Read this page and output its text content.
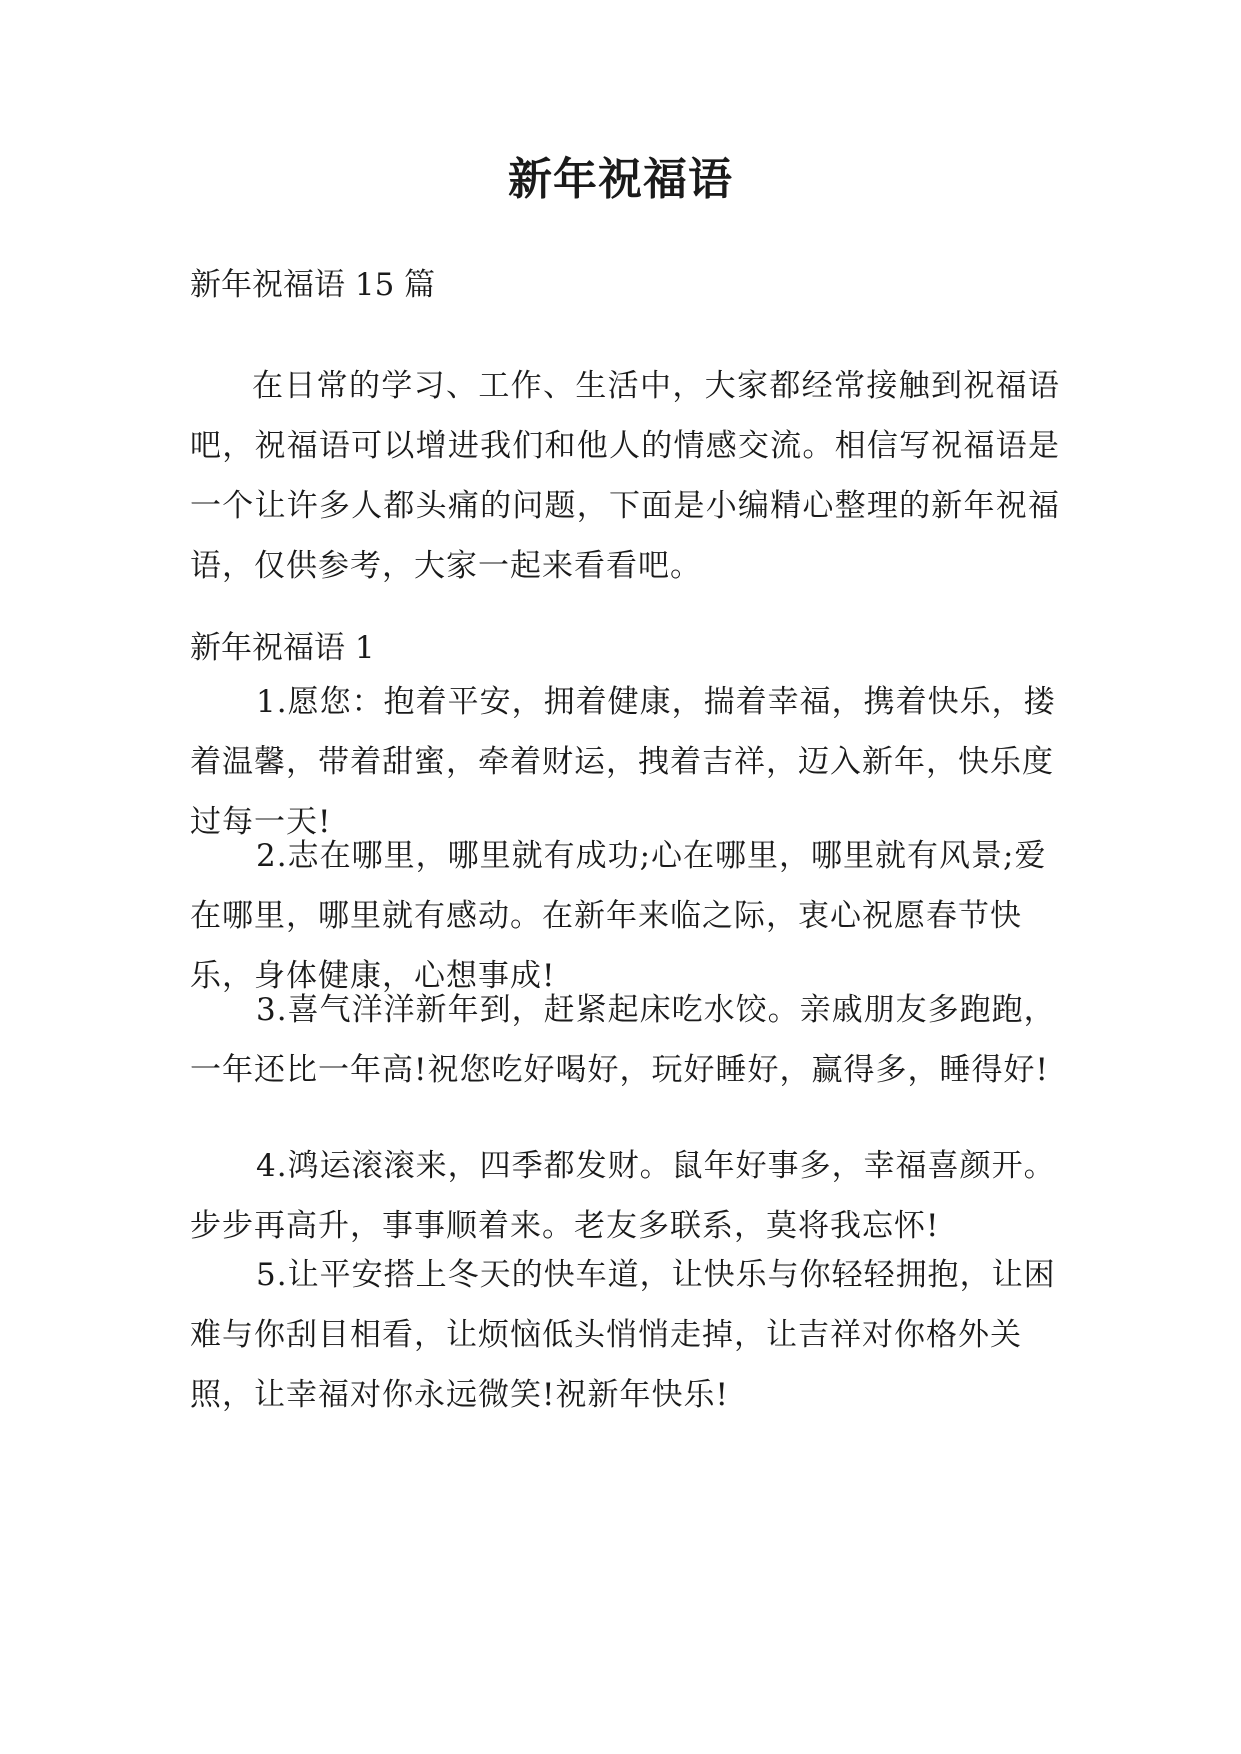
新年祝福语
新年祝福语 15 篇
在日常的学习、工作、生活中，大家都经常接触到祝福语吧，祝福语可以增进我们和他人的情感交流。相信写祝福语是一个让许多人都头痛的问题，下面是小编精心整理的新年祝福语，仅供参考，大家一起来看看吧。
新年祝福语 1
1.愿您：抱着平安，拥着健康，揣着幸福，携着快乐，搂着温馨，带着甜蜜，牵着财运，拽着吉祥，迈入新年，快乐度过每一天!
2.志在哪里，哪里就有成功;心在哪里，哪里就有风景;爱在哪里，哪里就有感动。在新年来临之际，衷心祝愿春节快乐，身体健康，心想事成!
3.喜气洋洋新年到，赶紧起床吃水饺。亲戚朋友多跑跑，一年还比一年高!祝您吃好喝好，玩好睡好，赢得多，睡得好!
4.鸿运滚滚来，四季都发财。鼠年好事多，幸福喜颜开。步步再高升，事事顺着来。老友多联系，莫将我忘怀!
5.让平安搭上冬天的快车道，让快乐与你轻轻拥抱，让困难与你刮目相看，让烦恼低头悄悄走掉，让吉祥对你格外关照，让幸福对你永远微笑!祝新年快乐!
